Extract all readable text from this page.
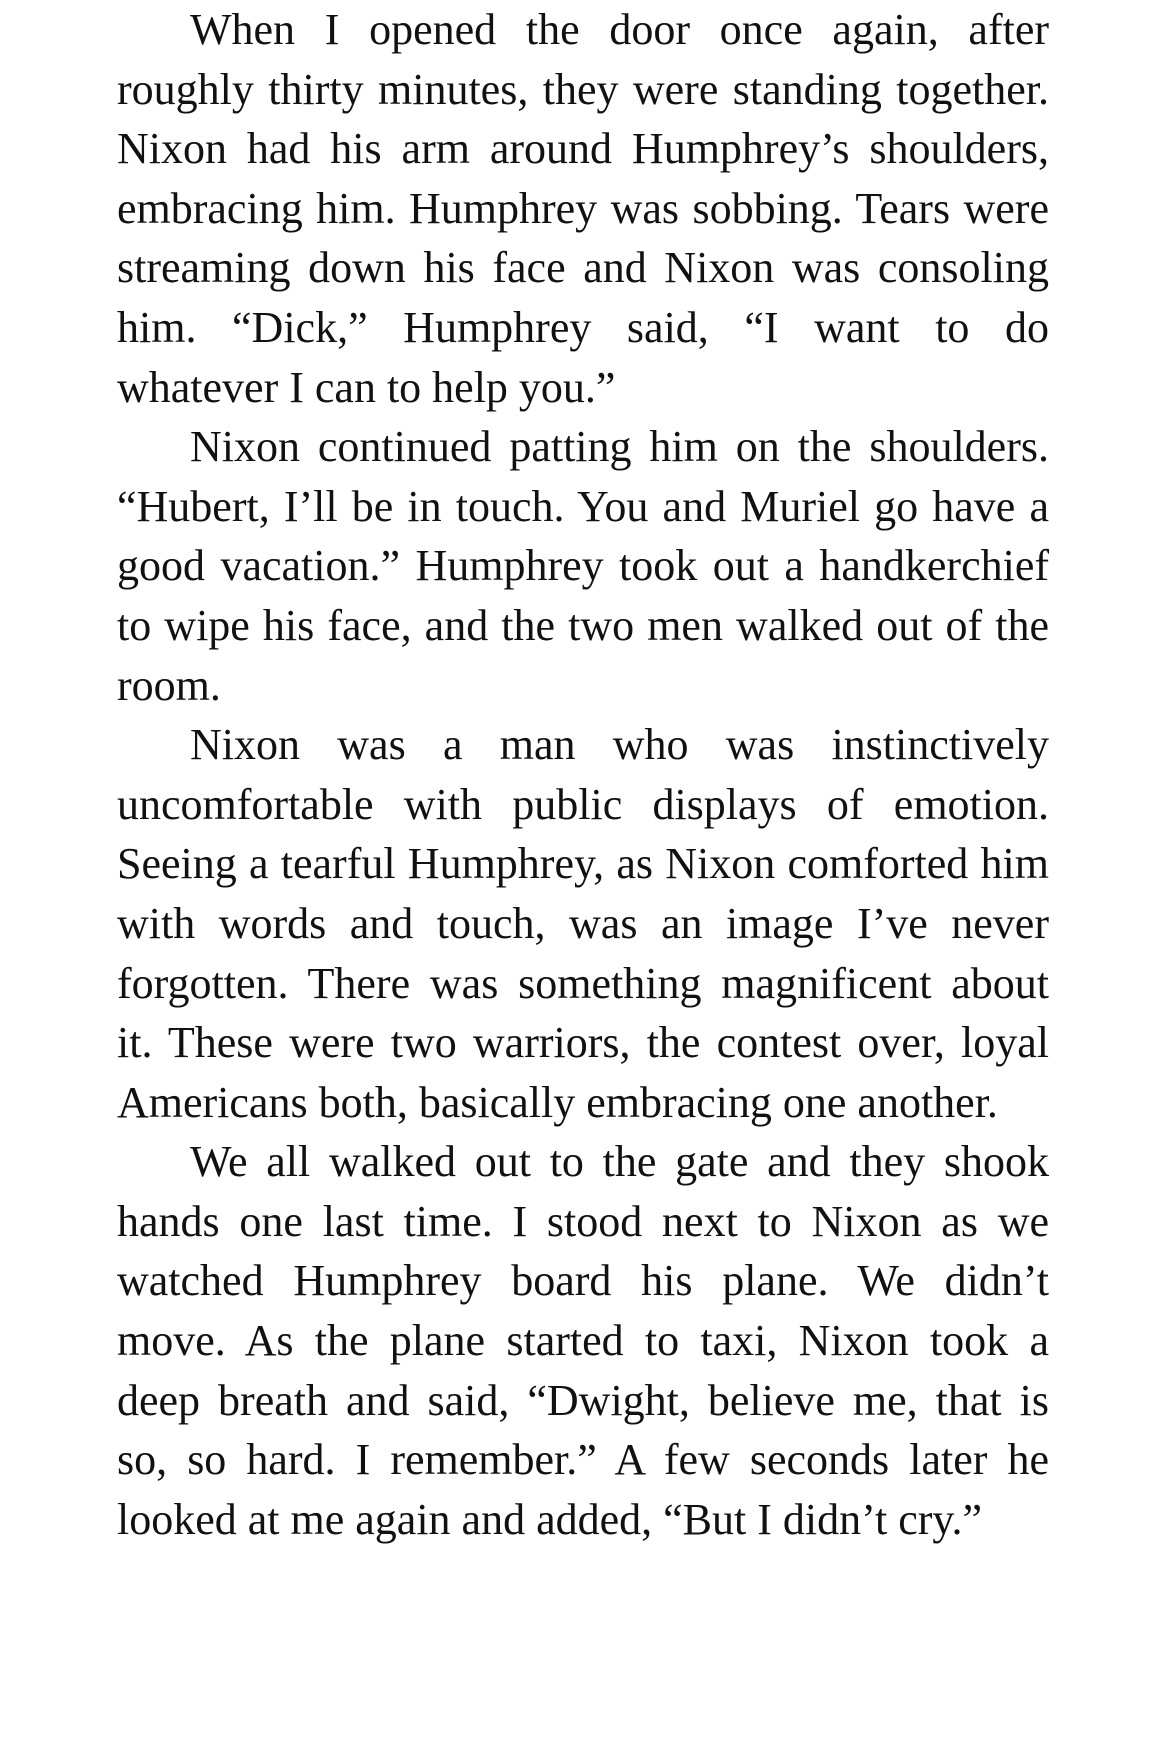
When I opened the door once again, after roughly thirty minutes, they were standing together. Nixon had his arm around Humphrey’s shoulders, embracing him. Humphrey was sobbing. Tears were streaming down his face and Nixon was consoling him. “Dick,” Humphrey said, “I want to do whatever I can to help you.”

Nixon continued patting him on the shoulders. “Hubert, I’ll be in touch. You and Muriel go have a good vacation.” Humphrey took out a handkerchief to wipe his face, and the two men walked out of the room.

Nixon was a man who was instinctively uncomfortable with public displays of emotion. Seeing a tearful Humphrey, as Nixon comforted him with words and touch, was an image I’ve never forgotten. There was something magnificent about it. These were two warriors, the contest over, loyal Americans both, basically embracing one another.

We all walked out to the gate and they shook hands one last time. I stood next to Nixon as we watched Humphrey board his plane. We didn’t move. As the plane started to taxi, Nixon took a deep breath and said, “Dwight, believe me, that is so, so hard. I remember.” A few seconds later he looked at me again and added, “But I didn’t cry.”
